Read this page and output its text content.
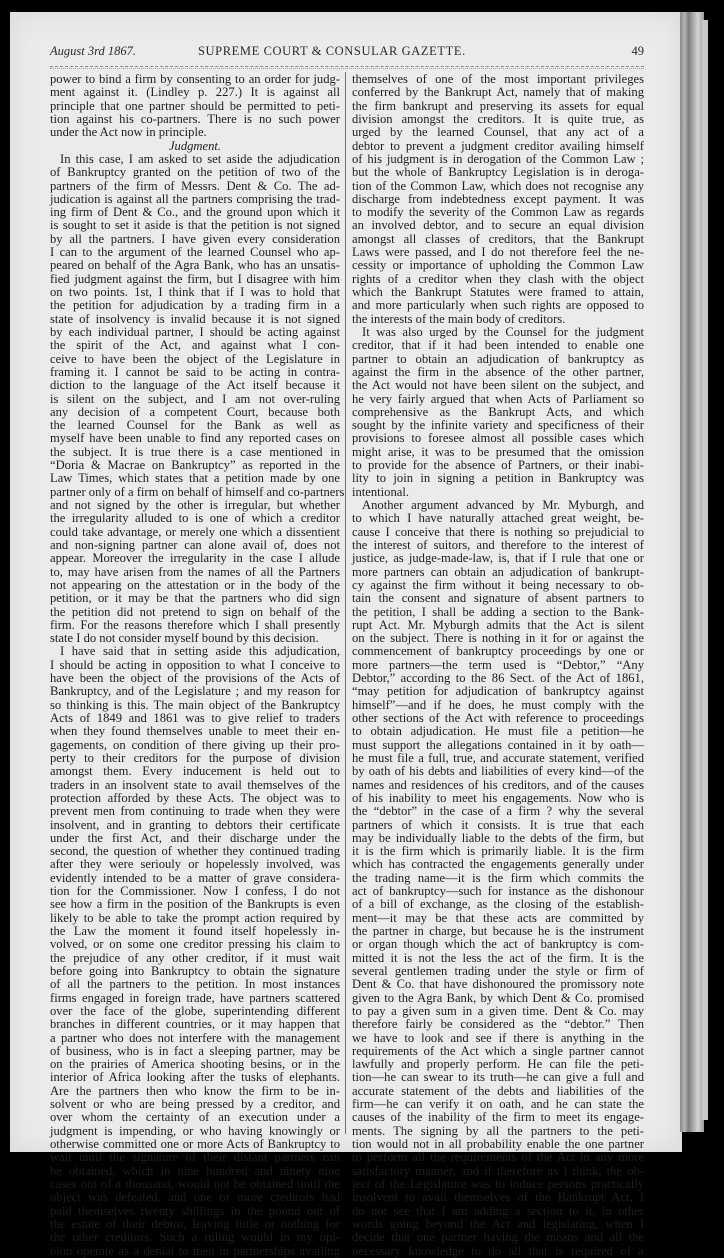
August 3rd 1867.	SUPREME COURT & CONSULAR GAZETTE.	49
power to bind a firm by consenting to an order for judg-
ment against it. (Lindley p. 227.) It is against all
principle that one partner should be permitted to peti-
tion against his co-partners. There is no such power
under the Act now in principle.
Judgment.
In this case, I am asked to set aside the adjudication
of Bankruptcy granted on the petition of two of the
partners of the firm of Messrs. Dent & Co. The ad-
judication is against all the partners comprising the trad-
ing firm of Dent & Co., and the ground upon which it
is sought to set it aside is that the petition is not signed
by all the partners. I have given every consideration
I can to the argument of the learned Counsel who ap-
peared on behalf of the Agra Bank, who has an unsatis-
fied judgment against the firm, but I disagree with him
on two points. 1st, I think that if I was to hold that
the petition for adjudication by a trading firm in a
state of insolvency is invalid because it is not signed
by each individual partner, I should be acting against
the spirit of the Act, and against what I con-
ceive to have been the object of the Legislature in
framing it. I cannot be said to be acting in contra-
diction to the language of the Act itself because it
is silent on the subject, and I am not over-ruling
any decision of a competent Court, because both
the learned Counsel for the Bank as well as
myself have been unable to find any reported cases on
the subject. It is true there is a case mentioned in
“Doria & Macrae on Bankruptcy” as reported in the
Law Times, which states that a petition made by one
partner only of a firm on behalf of himself and co-partners
and not signed by the other is irregular, but whether
the irregularity alluded to is one of which a creditor
could take advantage, or merely one which a dissentient
and non-signing partner can alone avail of, does not
appear. Moreover the irregularity in the case I allude
to, may have arisen from the names of all the Partners
not appearing on the attestation or in the body of the
petition, or it may be that the partners who did sign
the petition did not pretend to sign on behalf of the
firm. For the reasons therefore which I shall presently
state I do not consider myself bound by this decision.
I have said that in setting aside this adjudication,
I should be acting in opposition to what I conceive to
have been the object of the provisions of the Acts of
Bankruptcy, and of the Legislature ; and my reason for
so thinking is this. The main object of the Bankruptcy
Acts of 1849 and 1861 was to give relief to traders
when they found themselves unable to meet their en-
gagements, on condition of there giving up their pro-
perty to their creditors for the purpose of division
amongst them. Every inducement is held out to
traders in an insolvent state to avail themselves of the
protection afforded by these Acts. The object was to
prevent men from continuing to trade when they were
insolvent, and in granting to debtors their certificate
under the first Act, and their discharge under the
second, the question of whether they continued trading
after they were seriouly or hopelessly involved, was
evidently intended to be a matter of grave considera-
tion for the Commissioner. Now I confess, I do not
see how a firm in the position of the Bankrupts is even
likely to be able to take the prompt action required by
the Law the moment it found itself hopelessly in-
volved, or on some one creditor pressing his claim to
the prejudice of any other creditor, if it must wait
before going into Bankruptcy to obtain the signature
of all the partners to the petition. In most instances
firms engaged in foreign trade, have partners scattered
over the face of the globe, superintending different
branches in different countries, or it may happen that
a partner who does not interfere with the management
of business, who is in fact a sleeping partner, may be
on the prairies of America shooting besins, or in the
interior of Africa looking after the tusks of elephants.
Are the partners then who know the firm to be in-
solvent or who are being pressed by a creditor, and
over whom the certainty of an execution under a
judgment is impending, or who having knowingly or
otherwise committed one or more Acts of Bankruptcy to
wait until the signature of their distant partners can
be obtained, which in nine hundred and ninety nine
cases out of a thousand, would not be obtained until the
object was defeated, and one or more creditors had
paid themselves twenty shillings in the pound out of
the estate of their debtor, leaving little or nothing for
the other creditors. Such a ruling would in my opi-
nion operate as a denial to men in partnerships availing
themselves of one of the most important privileges
conferred by the Bankrupt Act, namely that of making
the firm bankrupt and preserving its assets for equal
division amongst the creditors. It is quite true, as
urged by the learned Counsel, that any act of a
debtor to prevent a judgment creditor availing himself
of his judgment is in derogation of the Common Law ;
but the whole of Bankruptcy Legislation is in deroga-
tion of the Common Law, which does not recognise any
discharge from indebtedness except payment. It was
to modify the severity of the Common Law as regards
an involved debtor, and to secure an equal division
amongst all classes of creditors, that the Bankrupt
Laws were passed, and I do not therefore feel the ne-
cessity or importance of upholding the Common Law
rights of a creditor when they clash with the object
which the Bankrupt Statutes were framed to attain,
and more particularly when such rights are opposed to
the interests of the main body of creditors.
It was also urged by the Counsel for the judgment
creditor, that if it had been intended to enable one
partner to obtain an adjudication of bankruptcy as
against the firm in the absence of the other partner,
the Act would not have been silent on the subject, and
he very fairly argued that when Acts of Parliament so
comprehensive as the Bankrupt Acts, and which
sought by the infinite variety and specificness of their
provisions to foresee almost all possible cases which
might arise, it was to be presumed that the omission
to provide for the absence of Partners, or their inabi-
lity to join in signing a petition in Bankruptcy was
intentional.
Another argument advanced by Mr. Myburgh, and
to which I have naturally attached great weight, be-
cause I conceive that there is nothing so prejudicial to
the interest of suitors, and therefore to the interest of
justice, as judge-made-law, is, that if I rule that one or
more partners can obtain an adjudication of bankrupt-
cy against the firm without it being necessary to ob-
tain the consent and signature of absent partners to
the petition, I shall be adding a section to the Bank-
rupt Act. Mr. Myburgh admits that the Act is silent
on the subject. There is nothing in it for or against the
commencement of bankruptcy proceedings by one or
more partners—the term used is “Debtor,” “Any
Debtor,” according to the 86 Sect. of the Act of 1861,
“may petition for adjudication of bankruptcy against
himself”—and if he does, he must comply with the
other sections of the Act with reference to proceedings
to obtain adjudication. He must file a petition—he
must support the allegations contained in it by oath—
he must file a full, true, and accurate statement, verified
by oath of his debts and liabilities of every kind—of the
names and residences of his creditors, and of the causes
of his inability to meet his engagements. Now who is
the “debtor” in the case of a firm ? why the several
partners of which it consists. It is true that each
may be individually liable to the debts of the firm, but
it is the firm which is primarily liable. It is the firm
which has contracted the engagements generally under
the trading name—it is the firm which commits the
act of bankruptcy—such for instance as the dishonour
of a bill of exchange, as the closing of the establish-
ment—it may be that these acts are committed by
the partner in charge, but because he is the instrument
or organ though which the act of bankruptcy is com-
mitted it is not the less the act of the firm. It is the
several gentlemen trading under the style or firm of
Dent & Co. that have dishonoured the promissory note
given to the Agra Bank, by which Dent & Co. promised
to pay a given sum in a given time. Dent & Co. may
therefore fairly be considered as the “debtor.” Then
we have to look and see if there is anything in the
requirements of the Act which a single partner cannot
lawfully and properly perform. He can file the peti-
tion—he can swear to its truth—he can give a full and
accurate statement of the debts and liabilities of the
firm—he can verify it on oath, and he can state the
causes of the inability of the firm to meet its engage-
ments. The signing by all the partners to the peti-
tion would not in all probability enable the one partner
to perform all the requirements of the Act in any more
satisfactory manner, and if therefore as I think, the ob-
ject of the Legislature was to induce persons practically
insolvent to avail themselves of the Bankrupt Act, I
do not see that I am adding a section to it, in other
words going beyond the Act and legislating, when I
decide that one partner having the means and all the
necessary knowledge to do all that is required of a
